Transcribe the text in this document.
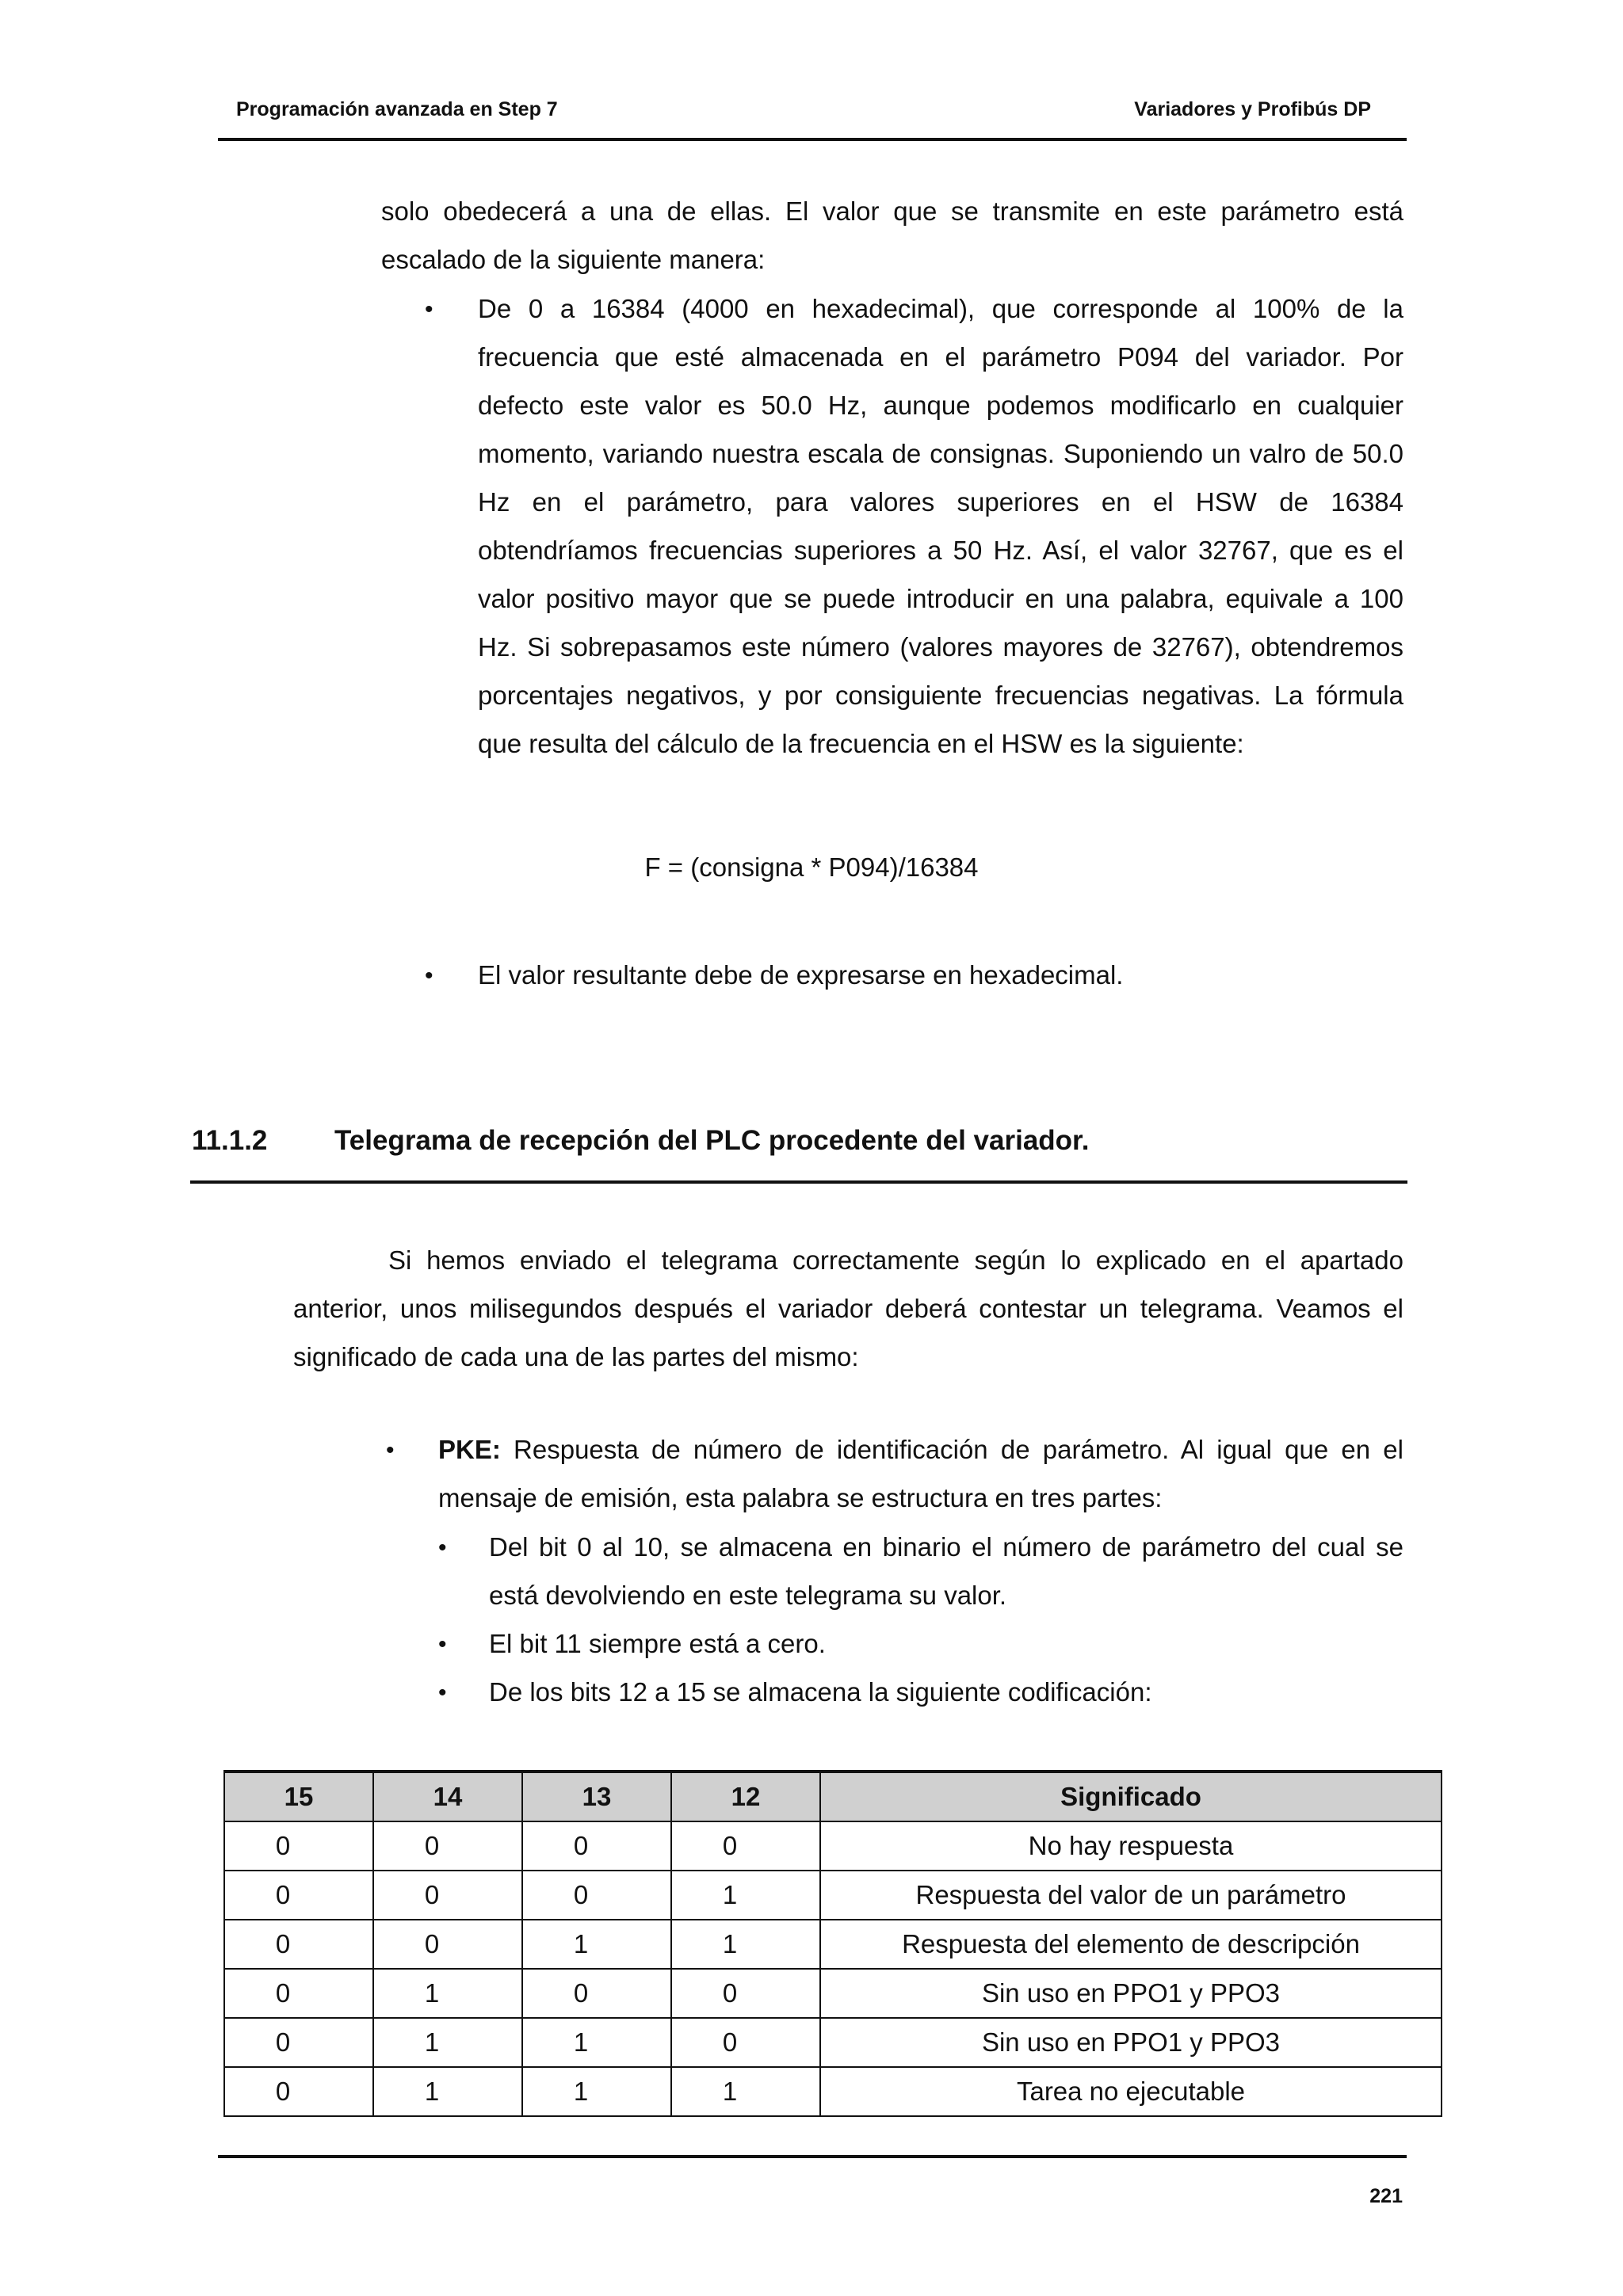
Programación avanzada en Step 7	Variadores y Profibús DP
solo obedecerá a una de ellas. El valor que se transmite en este parámetro está escalado de la siguiente manera:
• De 0 a 16384 (4000 en hexadecimal), que corresponde al 100% de la frecuencia que esté almacenada en el parámetro P094 del variador. Por defecto este valor es 50.0 Hz, aunque podemos modificarlo en cualquier momento, variando nuestra escala de consignas. Suponiendo un valro de 50.0 Hz en el parámetro, para valores superiores en el HSW de 16384 obtendríamos frecuencias superiores a 50 Hz. Así, el valor 32767, que es el valor positivo mayor que se puede introducir en una palabra, equivale a 100 Hz. Si sobrepasamos este número (valores mayores de 32767), obtendremos porcentajes negativos, y por consiguiente frecuencias negativas. La fórmula que resulta del cálculo de la frecuencia en el HSW es la siguiente:
F = (consigna * P094)/16384
• El valor resultante debe de expresarse en hexadecimal.
11.1.2 Telegrama de recepción del PLC procedente del variador.
Si hemos enviado el telegrama correctamente según lo explicado en el apartado anterior, unos milisegundos después el variador deberá contestar un telegrama. Veamos el significado de cada una de las partes del mismo:
• PKE: Respuesta de número de identificación de parámetro. Al igual que en el mensaje de emisión, esta palabra se estructura en tres partes:
• Del bit 0 al 10, se almacena en binario el número de parámetro del cual se está devolviendo en este telegrama su valor.
• El bit 11 siempre está a cero.
• De los bits 12 a 15 se almacena la siguiente codificación:
15	14	13	12	Significado
0	0	0	0	No hay respuesta
0	0	0	1	Respuesta del valor de un parámetro
0	0	1	1	Respuesta del elemento de descripción
0	1	0	0	Sin uso en PPO1 y PPO3
0	1	1	0	Sin uso en PPO1 y PPO3
0	1	1	1	Tarea no ejecutable
221
